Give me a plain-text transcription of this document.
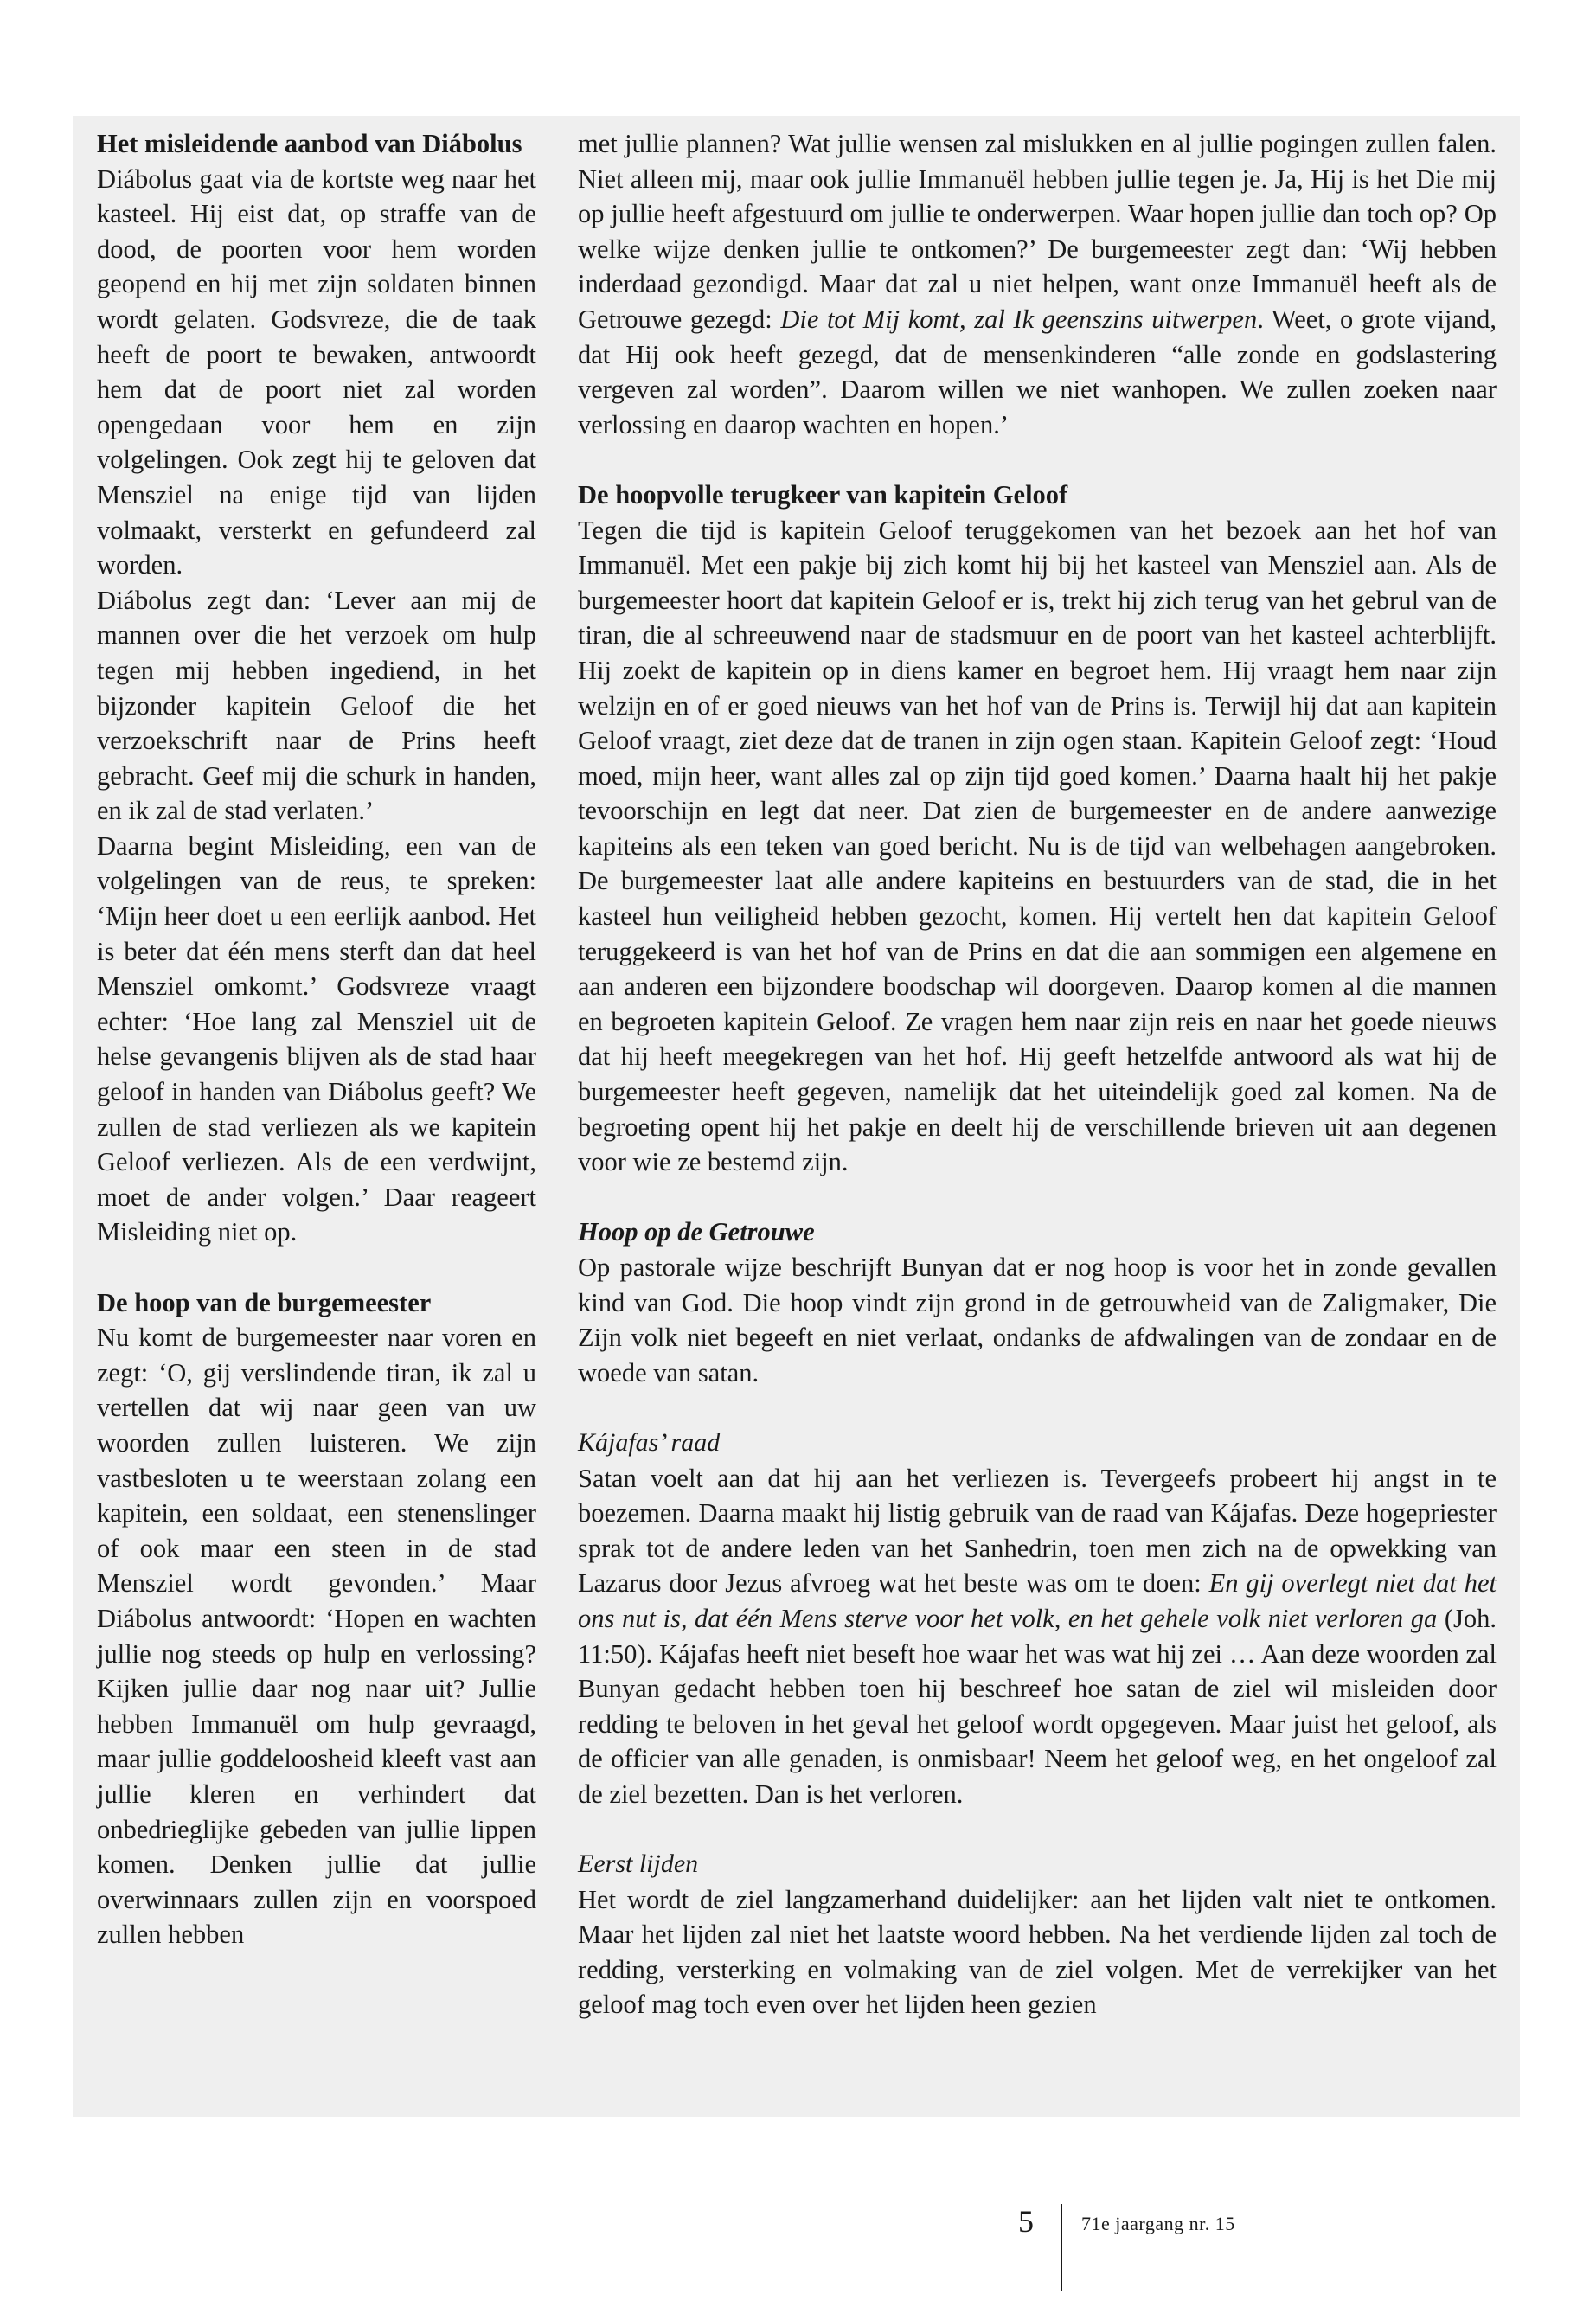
Het misleidende aanbod van Diábolus

Diábolus gaat via de kortste weg naar het kasteel. Hij eist dat, op straffe van de dood, de poorten voor hem worden geopend en hij met zijn soldaten binnen wordt gelaten. Godsvreze, die de taak heeft de poort te bewaken, antwoordt hem dat de poort niet zal worden opengedaan voor hem en zijn volgelingen. Ook zegt hij te geloven dat Mensziel na enige tijd van lijden volmaakt, versterkt en gefundeerd zal worden.

Diábolus zegt dan: ‘Lever aan mij de mannen over die het verzoek om hulp tegen mij hebben ingediend, in het bijzonder kapitein Geloof die het verzoekschrift naar de Prins heeft gebracht. Geef mij die schurk in handen, en ik zal de stad verlaten.’

Daarna begint Misleiding, een van de volgelingen van de reus, te spreken: ‘Mijn heer doet u een eerlijk aanbod. Het is beter dat één mens sterft dan dat heel Mensziel omkomt.’ Godsvreze vraagt echter: ‘Hoe lang zal Mensziel uit de helse gevangenis blijven als de stad haar geloof in handen van Diábolus geeft? We zullen de stad verliezen als we kapitein Geloof verliezen. Als de een verdwijnt, moet de ander volgen.’ Daar reageert Misleiding niet op.

De hoop van de burgemeester

Nu komt de burgemeester naar voren en zegt: ‘O, gij verslindende tiran, ik zal u vertellen dat wij naar geen van uw woorden zullen luisteren. We zijn vastbesloten u te weerstaan zolang een kapitein, een soldaat, een stenenslinger of ook maar een steen in de stad Mensziel wordt gevonden.’ Maar Diábolus antwoordt: ‘Hopen en wachten jullie nog steeds op hulp en verlossing? Kijken jullie daar nog naar uit? Jullie hebben Immanuël om hulp gevraagd, maar jullie goddeloosheid kleeft vast aan jullie kleren en verhindert dat onbedrieglijke gebeden van jullie lippen komen. Denken jullie dat jullie overwinnaars zullen zijn en voorspoed zullen hebben

met jullie plannen? Wat jullie wensen zal mislukken en al jullie pogingen zullen falen. Niet alleen mij, maar ook jullie Immanuël hebben jullie tegen je. Ja, Hij is het Die mij op jullie heeft afgestuurd om jullie te onderwerpen. Waar hopen jullie dan toch op? Op welke wijze denken jullie te ontkomen?’ De burgemeester zegt dan: ‘Wij hebben inderdaad gezondigd. Maar dat zal u niet helpen, want onze Immanuël heeft als de Getrouwe gezegd: Die tot Mij komt, zal Ik geenszins uitwerpen. Weet, o grote vijand, dat Hij ook heeft gezegd, dat de mensenkinderen “alle zonde en godslastering vergeven zal worden”. Daarom willen we niet wanhopen. We zullen zoeken naar verlossing en daarop wachten en hopen.’

De hoopvolle terugkeer van kapitein Geloof

Tegen die tijd is kapitein Geloof teruggekomen van het bezoek aan het hof van Immanuël. Met een pakje bij zich komt hij bij het kasteel van Mensziel aan. Als de burgemeester hoort dat kapitein Geloof er is, trekt hij zich terug van het gebrul van de tiran, die al schreeuwend naar de stadsmuur en de poort van het kasteel achterblijft. Hij zoekt de kapitein op in diens kamer en begroet hem. Hij vraagt hem naar zijn welzijn en of er goed nieuws van het hof van de Prins is. Terwijl hij dat aan kapitein Geloof vraagt, ziet deze dat de tranen in zijn ogen staan. Kapitein Geloof zegt: ‘Houd moed, mijn heer, want alles zal op zijn tijd goed komen.’ Daarna haalt hij het pakje tevoorschijn en legt dat neer. Dat zien de burgemeester en de andere aanwezige kapiteins als een teken van goed bericht. Nu is de tijd van welbehagen aangebroken. De burgemeester laat alle andere kapiteins en bestuurders van de stad, die in het kasteel hun veiligheid hebben gezocht, komen. Hij vertelt hen dat kapitein Geloof teruggekeerd is van het hof van de Prins en dat die aan sommigen een algemene en aan anderen een bijzondere boodschap wil doorgeven. Daarop komen al die mannen en begroeten kapitein Geloof. Ze vragen hem naar zijn reis en naar het goede nieuws dat hij heeft meegekregen van het hof. Hij geeft hetzelfde antwoord als wat hij de burgemeester heeft gegeven, namelijk dat het uiteindelijk goed zal komen. Na de begroeting opent hij het pakje en deelt hij de verschillende brieven uit aan degenen voor wie ze bestemd zijn.

Hoop op de Getrouwe

Op pastorale wijze beschrijft Bunyan dat er nog hoop is voor het in zonde gevallen kind van God. Die hoop vindt zijn grond in de getrouwheid van de Zaligmaker, Die Zijn volk niet begeeft en niet verlaat, ondanks de afdwalingen van de zondaar en de woede van satan.

Kájafas’ raad

Satan voelt aan dat hij aan het verliezen is. Tevergeefs probeert hij angst in te boezemen. Daarna maakt hij listig gebruik van de raad van Kájafas. Deze hogepriester sprak tot de andere leden van het Sanhedrin, toen men zich na de opwekking van Lazarus door Jezus afvroeg wat het beste was om te doen: En gij overlegt niet dat het ons nut is, dat één Mens sterve voor het volk, en het gehele volk niet verloren ga (Joh. 11:50). Kájafas heeft niet beseft hoe waar het was wat hij zei … Aan deze woorden zal Bunyan gedacht hebben toen hij beschreef hoe satan de ziel wil misleiden door redding te beloven in het geval het geloof wordt opgegeven. Maar juist het geloof, als de officier van alle genaden, is onmisbaar! Neem het geloof weg, en het ongeloof zal de ziel bezetten. Dan is het verloren.

Eerst lijden

Het wordt de ziel langzamerhand duidelijker: aan het lijden valt niet te ontkomen. Maar het lijden zal niet het laatste woord hebben. Na het verdiende lijden zal toch de redding, versterking en volmaking van de ziel volgen. Met de verrekijker van het geloof mag toch even over het lijden heen gezien

5	71e jaargang nr. 15
